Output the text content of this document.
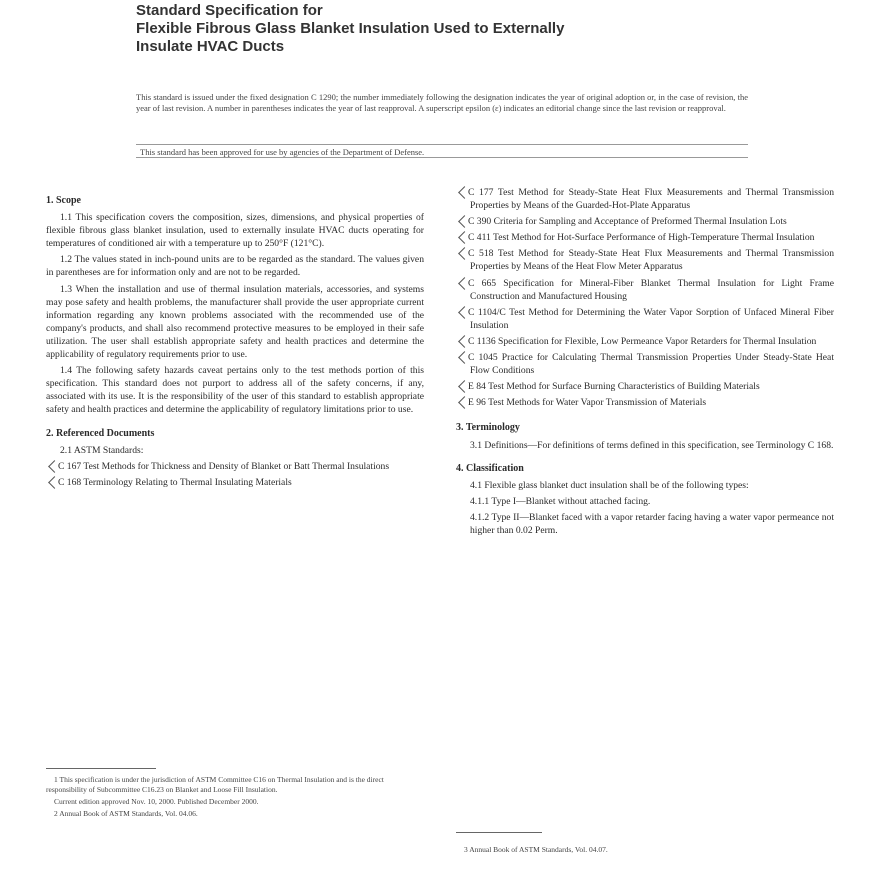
Standard Specification for
Flexible Fibrous Glass Blanket Insulation Used to Externally
Insulate HVAC Ducts
This standard is issued under the fixed designation C 1290; the number immediately following the designation indicates the year of original adoption or, in the case of revision, the year of last revision. A number in parentheses indicates the year of last reapproval. A superscript epsilon (ε) indicates an editorial change since the last revision or reapproval.
This standard has been approved for use by agencies of the Department of Defense.
1. Scope

1.1 This specification covers the composition, sizes, dimensions, and physical properties of flexible fibrous glass blanket insulation, used to externally insulate HVAC ducts operating for temperatures of conditioned air with a temperature up to 250°F (121°C).

1.2 The values stated in inch-pound units are to be regarded as the standard. The values given in parentheses are for information only and are not to be regarded.

1.3 When the installation and use of thermal insulation materials, accessories, and systems may pose safety and health problems, the manufacturer shall provide the user appropriate current information regarding any known problems associated with the recommended use of the company's products, and shall also recommend protective measures to be employed in their safe utilization. The user shall establish appropriate safety and health practices and determine the applicability of regulatory requirements prior to use.

1.4 The following safety hazards caveat pertains only to the test methods portion of this specification. This standard does not purport to address all of the safety concerns, if any, associated with its use. It is the responsibility of the user of this standard to establish appropriate safety and health practices and determine the applicability of regulatory limitations prior to use.

2. Referenced Documents

2.1 ASTM Standards:

C 167 Test Methods for Thickness and Density of Blanket or Batt Thermal Insulations
C 168 Terminology Relating to Thermal Insulating Materials

1 This specification is under the jurisdiction of ASTM Committee C16 on Thermal Insulation and is the direct responsibility of Subcommittee C16.23 on Blanket and Loose Fill Insulation.

Current edition approved Nov. 10, 2000. Published December 2000.

2 Annual Book of ASTM Standards, Vol. 04.06.

C 177 Test Method for Steady-State Heat Flux Measurements and Thermal Transmission Properties by Means of the Guarded-Hot-Plate Apparatus
C 390 Criteria for Sampling and Acceptance of Preformed Thermal Insulation Lots
C 411 Test Method for Hot-Surface Performance of High-Temperature Thermal Insulation
C 518 Test Method for Steady-State Heat Flux Measurements and Thermal Transmission Properties by Means of the Heat Flow Meter Apparatus
C 665 Specification for Mineral-Fiber Blanket Thermal Insulation for Light Frame Construction and Manufactured Housing
C 1104/C Test Method for Determining the Water Vapor Sorption of Unfaced Mineral Fiber Insulation
C 1136 Specification for Flexible, Low Permeance Vapor Retarders for Thermal Insulation
C 1045 Practice for Calculating Thermal Transmission Properties Under Steady-State Heat Flow Conditions
E 84 Test Method for Surface Burning Characteristics of Building Materials
E 96 Test Methods for Water Vapor Transmission of Materials
3. Terminology

3.1 Definitions—For definitions of terms defined in this specification, see Terminology C 168.

4. Classification

4.1 Flexible glass blanket duct insulation shall be of the following types:

4.1.1 Type I—Blanket without attached facing.
4.1.2 Type II—Blanket faced with a vapor retarder facing having a water vapor permeance not higher than 0.02 Perm.

3 Annual Book of ASTM Standards, Vol. 04.07.
